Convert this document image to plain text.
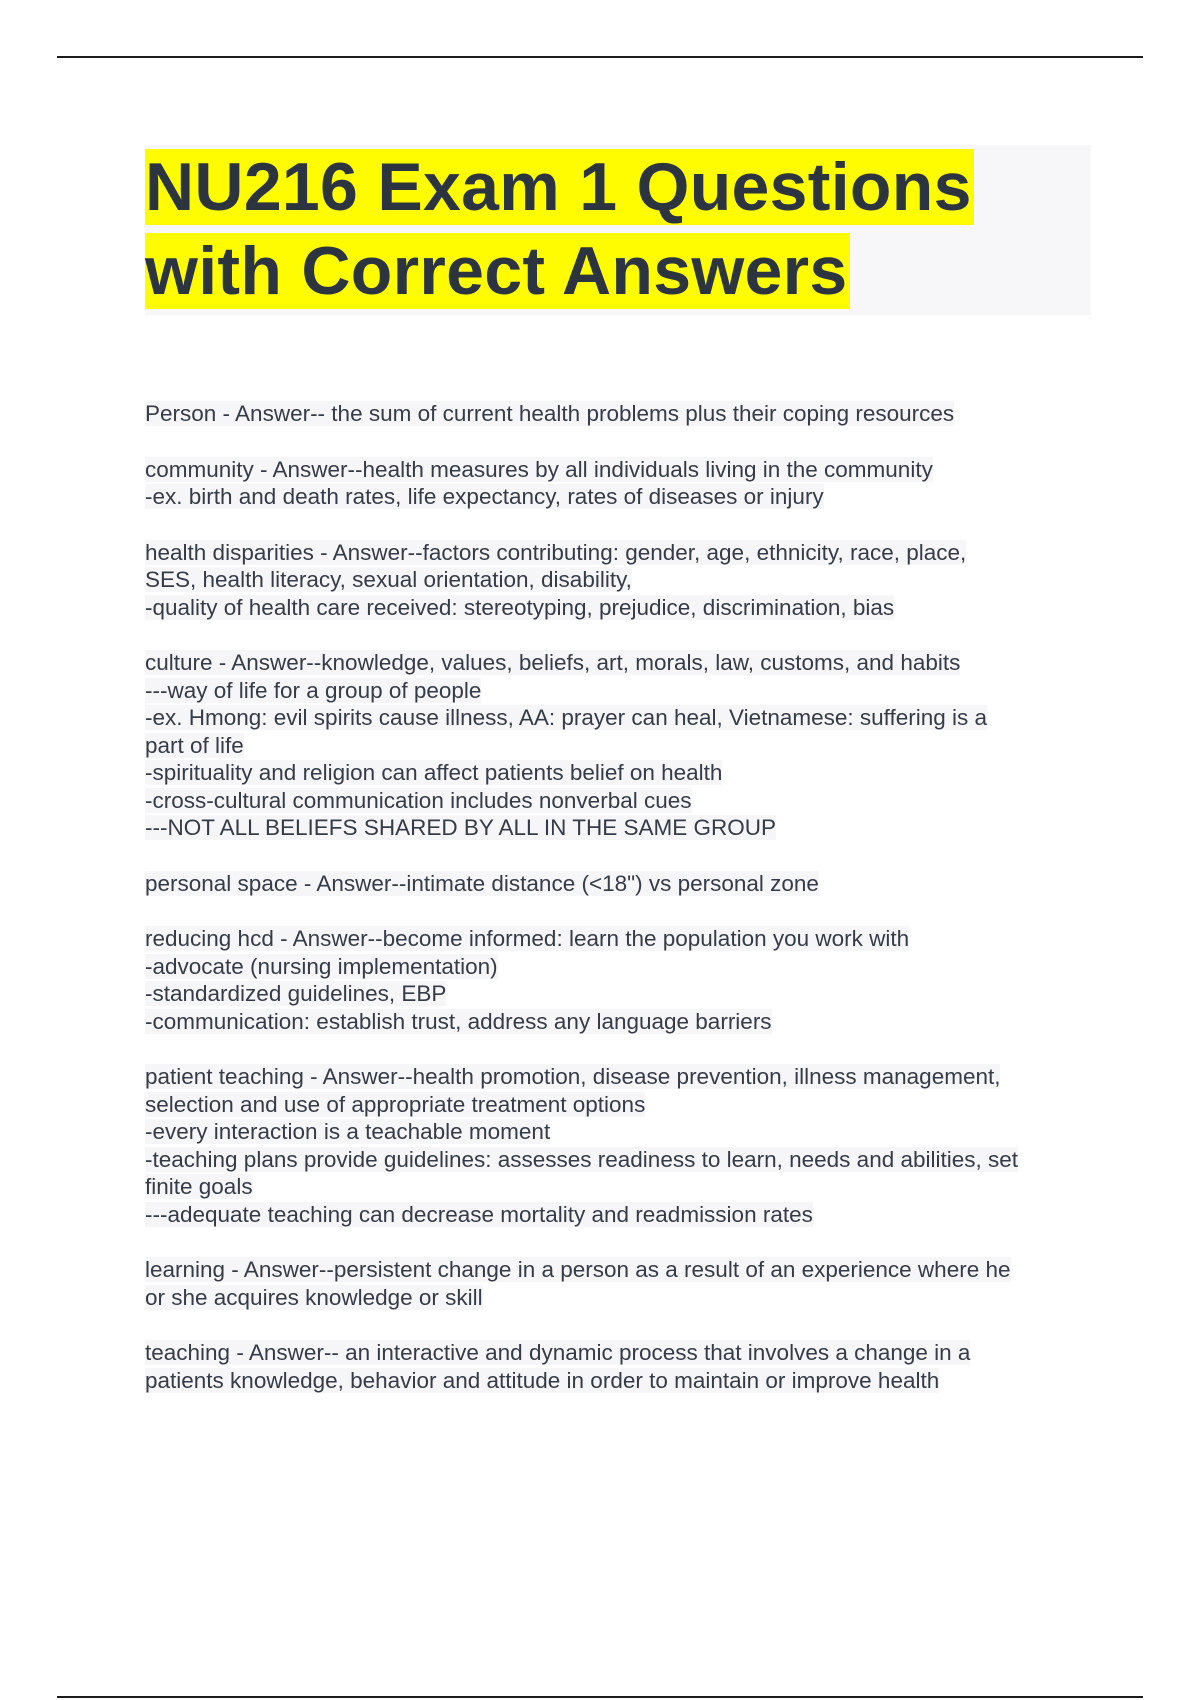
NU216 Exam 1 Questions
with Correct Answers
Person - Answer-- the sum of current health problems plus their coping resources
community - Answer--health measures by all individuals living in the community
-ex. birth and death rates, life expectancy, rates of diseases or injury
health disparities - Answer--factors contributing: gender, age, ethnicity, race, place,
SES, health literacy, sexual orientation, disability,
-quality of health care received: stereotyping, prejudice, discrimination, bias
culture - Answer--knowledge, values, beliefs, art, morals, law, customs, and habits
---way of life for a group of people
-ex. Hmong: evil spirits cause illness, AA: prayer can heal, Vietnamese: suffering is a
part of life
-spirituality and religion can affect patients belief on health
-cross-cultural communication includes nonverbal cues
---NOT ALL BELIEFS SHARED BY ALL IN THE SAME GROUP
personal space - Answer--intimate distance (<18") vs personal zone
reducing hcd - Answer--become informed: learn the population you work with
-advocate (nursing implementation)
-standardized guidelines, EBP
-communication: establish trust, address any language barriers
patient teaching - Answer--health promotion, disease prevention, illness management,
selection and use of appropriate treatment options
-every interaction is a teachable moment
-teaching plans provide guidelines: assesses readiness to learn, needs and abilities, set
finite goals
---adequate teaching can decrease mortality and readmission rates
learning - Answer--persistent change in a person as a result of an experience where he
or she acquires knowledge or skill
teaching - Answer-- an interactive and dynamic process that involves a change in a
patients knowledge, behavior and attitude in order to maintain or improve health
